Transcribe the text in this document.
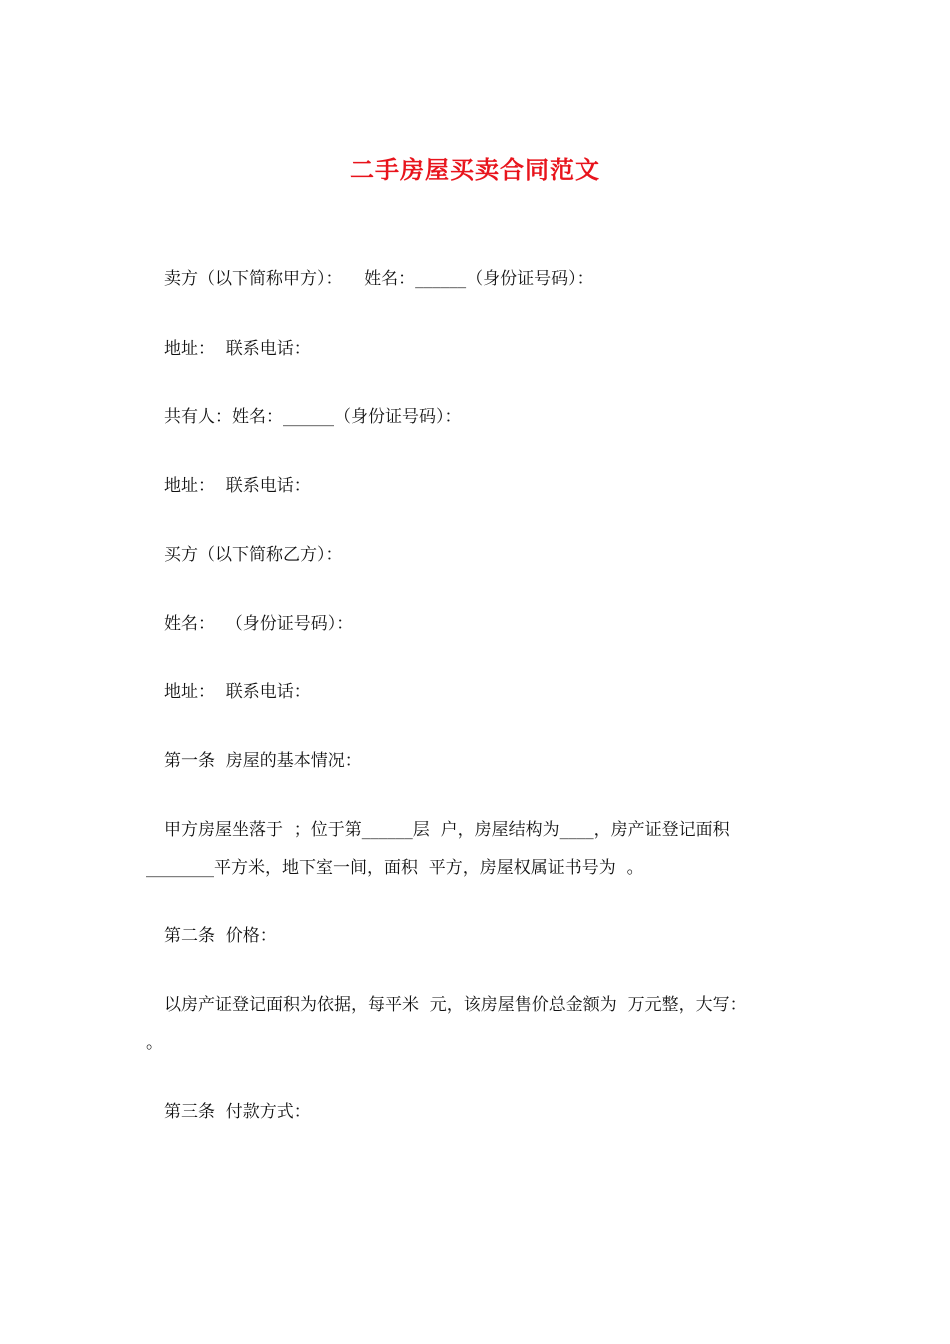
二手房屋买卖合同范文
卖方（以下简称甲方）：    姓名：______（身份证号码）：
地址：  联系电话：
共有人：姓名：______（身份证号码）：
地址：  联系电话：
买方（以下简称乙方）：
姓名：  （身份证号码）：
地址：  联系电话：
第一条  房屋的基本情况：
甲方房屋坐落于  ；位于第______层  户，房屋结构为____，房产证登记面积
________平方米，地下室一间，面积  平方，房屋权属证书号为  。
第二条  价格：
以房产证登记面积为依据，每平米  元，该房屋售价总金额为  万元整，大写：
。
第三条  付款方式：
